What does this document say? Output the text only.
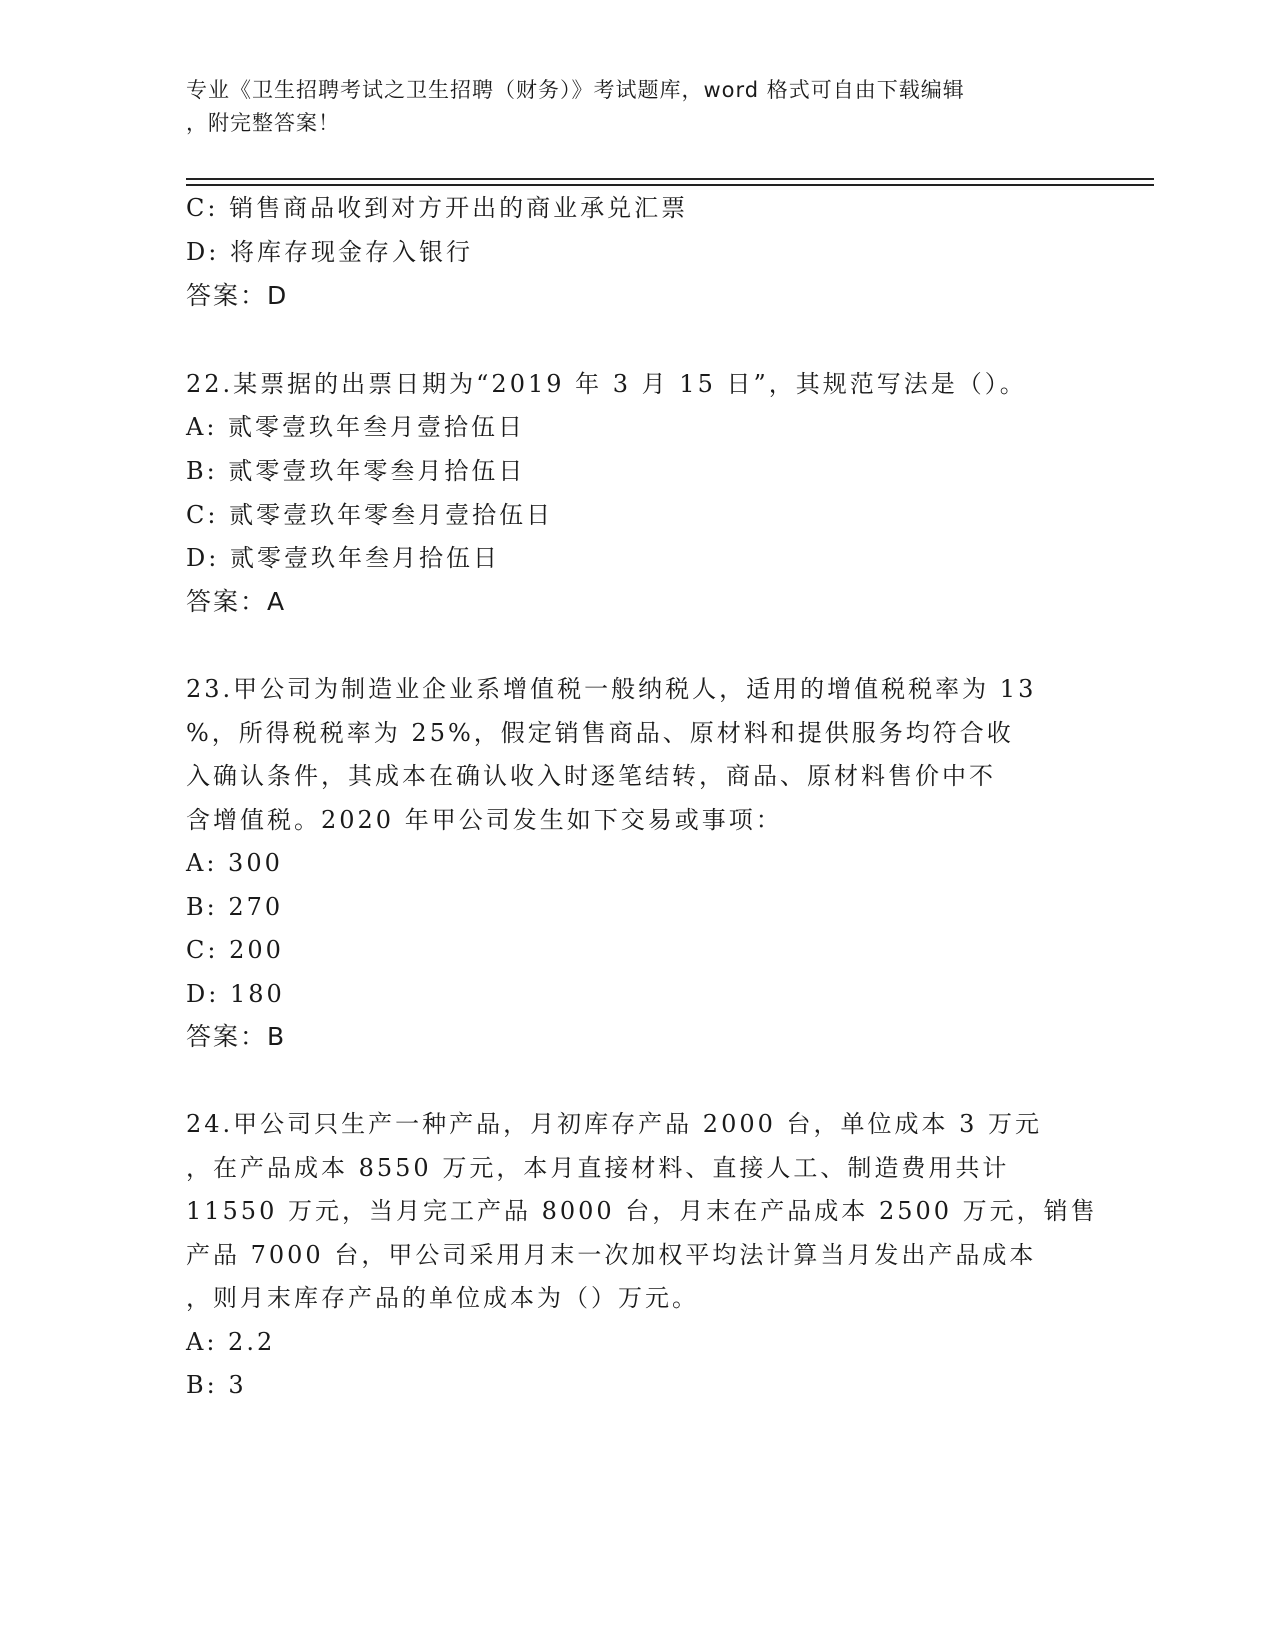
专业《卫生招聘考试之卫生招聘（财务）》考试题库，word 格式可自由下载编辑
，附完整答案！
C: 销售商品收到对方开出的商业承兑汇票
D: 将库存现金存入银行
答案：D
22.某票据的出票日期为“2019 年 3 月 15 日”，其规范写法是（）。
A: 贰零壹玖年叁月壹拾伍日
B: 贰零壹玖年零叁月拾伍日
C: 贰零壹玖年零叁月壹拾伍日
D: 贰零壹玖年叁月拾伍日
答案：A
23.甲公司为制造业企业系增值税一般纳税人，适用的增值税税率为 13
%，所得税税率为 25%，假定销售商品、原材料和提供服务均符合收
入确认条件，其成本在确认收入时逐笔结转，商品、原材料售价中不
含增值税。2020 年甲公司发生如下交易或事项：
A: 300
B: 270
C: 200
D: 180
答案：B
24.甲公司只生产一种产品，月初库存产品 2000 台，单位成本 3 万元
，在产品成本 8550 万元，本月直接材料、直接人工、制造费用共计
11550 万元，当月完工产品 8000 台，月末在产品成本 2500 万元，销售
产品 7000 台，甲公司采用月末一次加权平均法计算当月发出产品成本
，则月末库存产品的单位成本为（）万元。
A: 2.2
B: 3
